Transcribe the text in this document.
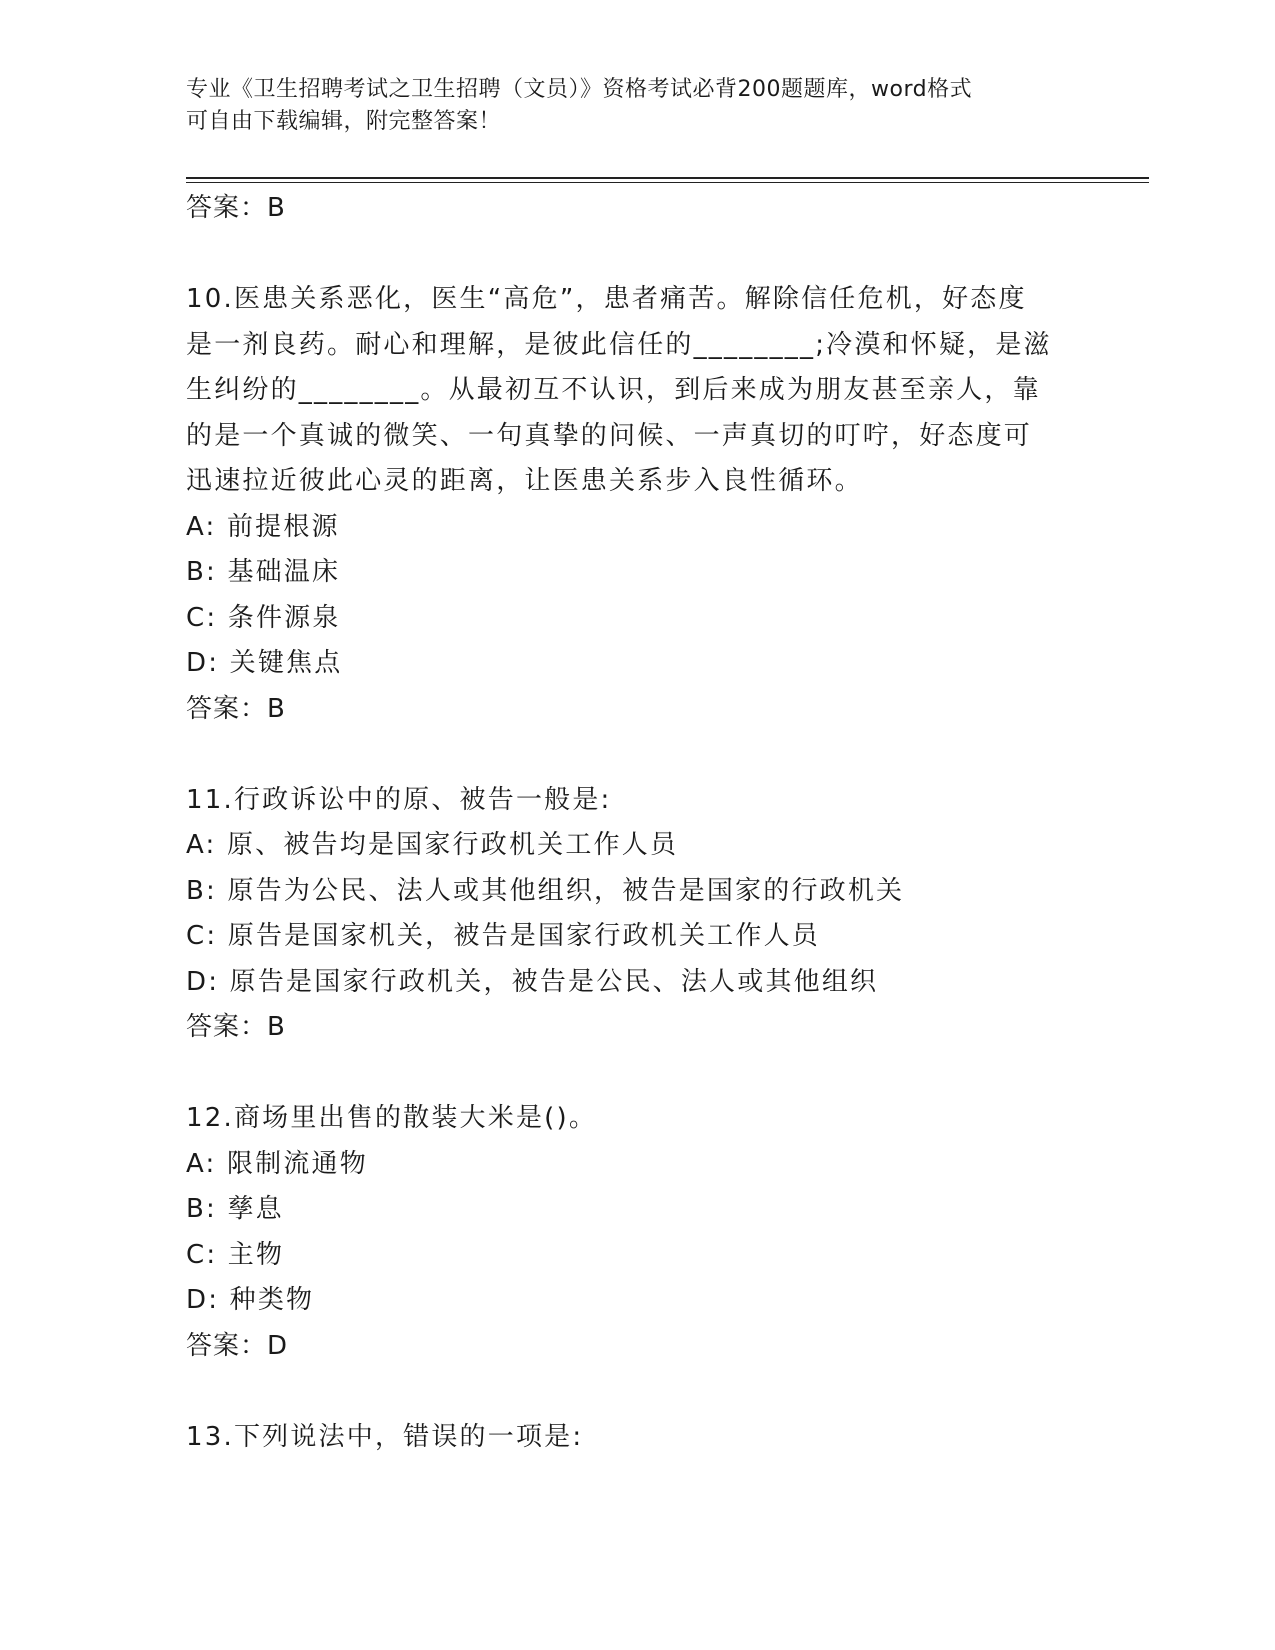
专业《卫生招聘考试之卫生招聘（文员）》资格考试必背200题题库，word格式
可自由下载编辑，附完整答案！
答案：B
10.医患关系恶化，医生“高危”，患者痛苦。解除信任危机，好态度
是一剂良药。耐心和理解，是彼此信任的________;冷漠和怀疑，是滋
生纠纷的________。从最初互不认识，到后来成为朋友甚至亲人，靠
的是一个真诚的微笑、一句真挚的问候、一声真切的叮咛，好态度可
迅速拉近彼此心灵的距离，让医患关系步入良性循环。
A: 前提根源
B: 基础温床
C: 条件源泉
D: 关键焦点
答案：B
11.行政诉讼中的原、被告一般是:
A: 原、被告均是国家行政机关工作人员
B: 原告为公民、法人或其他组织，被告是国家的行政机关
C: 原告是国家机关，被告是国家行政机关工作人员
D: 原告是国家行政机关，被告是公民、法人或其他组织
答案：B
12.商场里出售的散装大米是()。
A: 限制流通物
B: 孳息
C: 主物
D: 种类物
答案：D
13.下列说法中，错误的一项是:
